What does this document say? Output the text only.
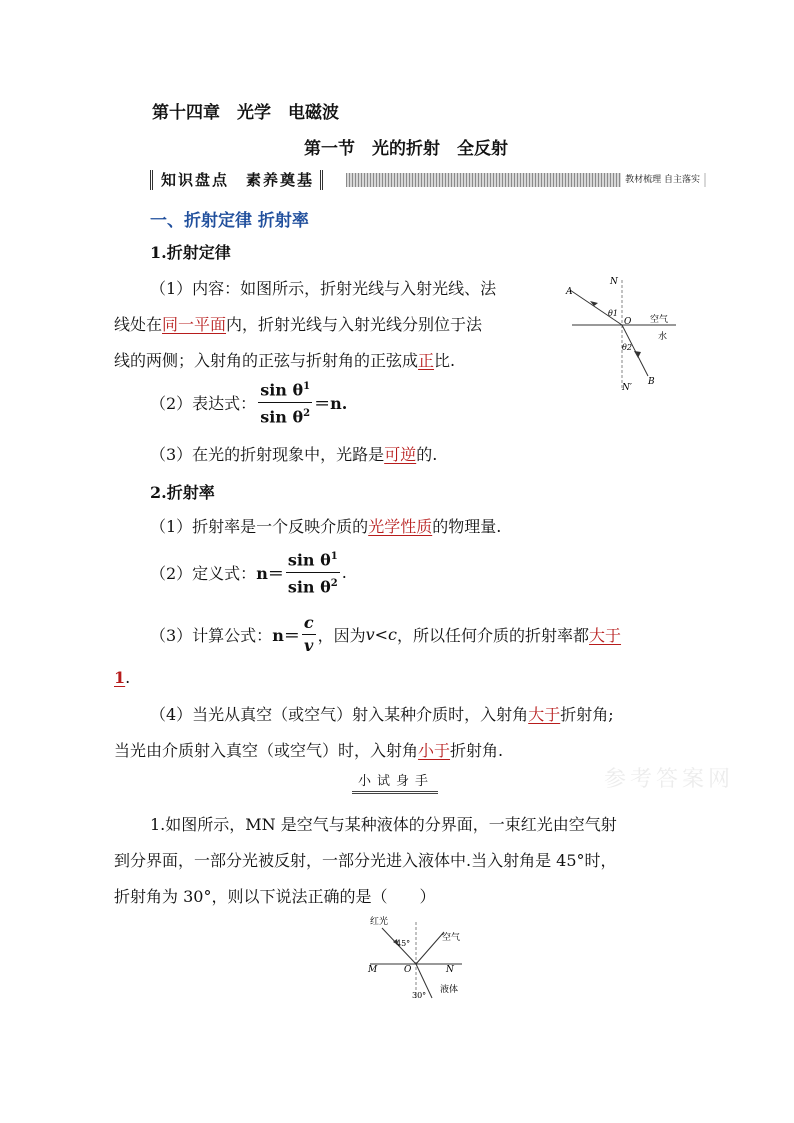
第十四章　光学　电磁波
第一节　光的折射　全反射
知识盘点　素养奠基	教材梳理 自主落实
一、折射定律 折射率
1.折射定律
（1）内容：如图所示，折射光线与入射光线、法
线处在同一平面内，折射光线与入射光线分别位于法
线的两侧；入射角的正弦与折射角的正弦成正比.
A
N
O
θ1
θ2
空气
水
B
N′
（2）表达式： $\frac{\sin \theta^1}{\sin \theta^2} =n$.
（3）在光的折射现象中，光路是可逆的.
2.折射率
（1）折射率是一个反映介质的光学性质的物理量.
（2）定义式： $n= \frac{\sin \theta^1}{\sin \theta^2}$ .
（3）计算公式： $n= \frac{c}{v}$ ，因为 v<c ，所以任何介质的折射率都 大于
1.
（4）当光从真空（或空气）射入某种介质时，入射角大于折射角;
当光由介质射入真空（或空气）时，入射角小于折射角.
小试身手	参考答案网
1.如图所示，MN 是空气与某种液体的分界面，一束红光由空气射
到分界面，一部分光被反射，一部分光进入液体中.当入射角是 45°时，
折射角为 30°，则以下说法正确的是（　　）
红光
45°
空气
M	O	N
30°
液体
